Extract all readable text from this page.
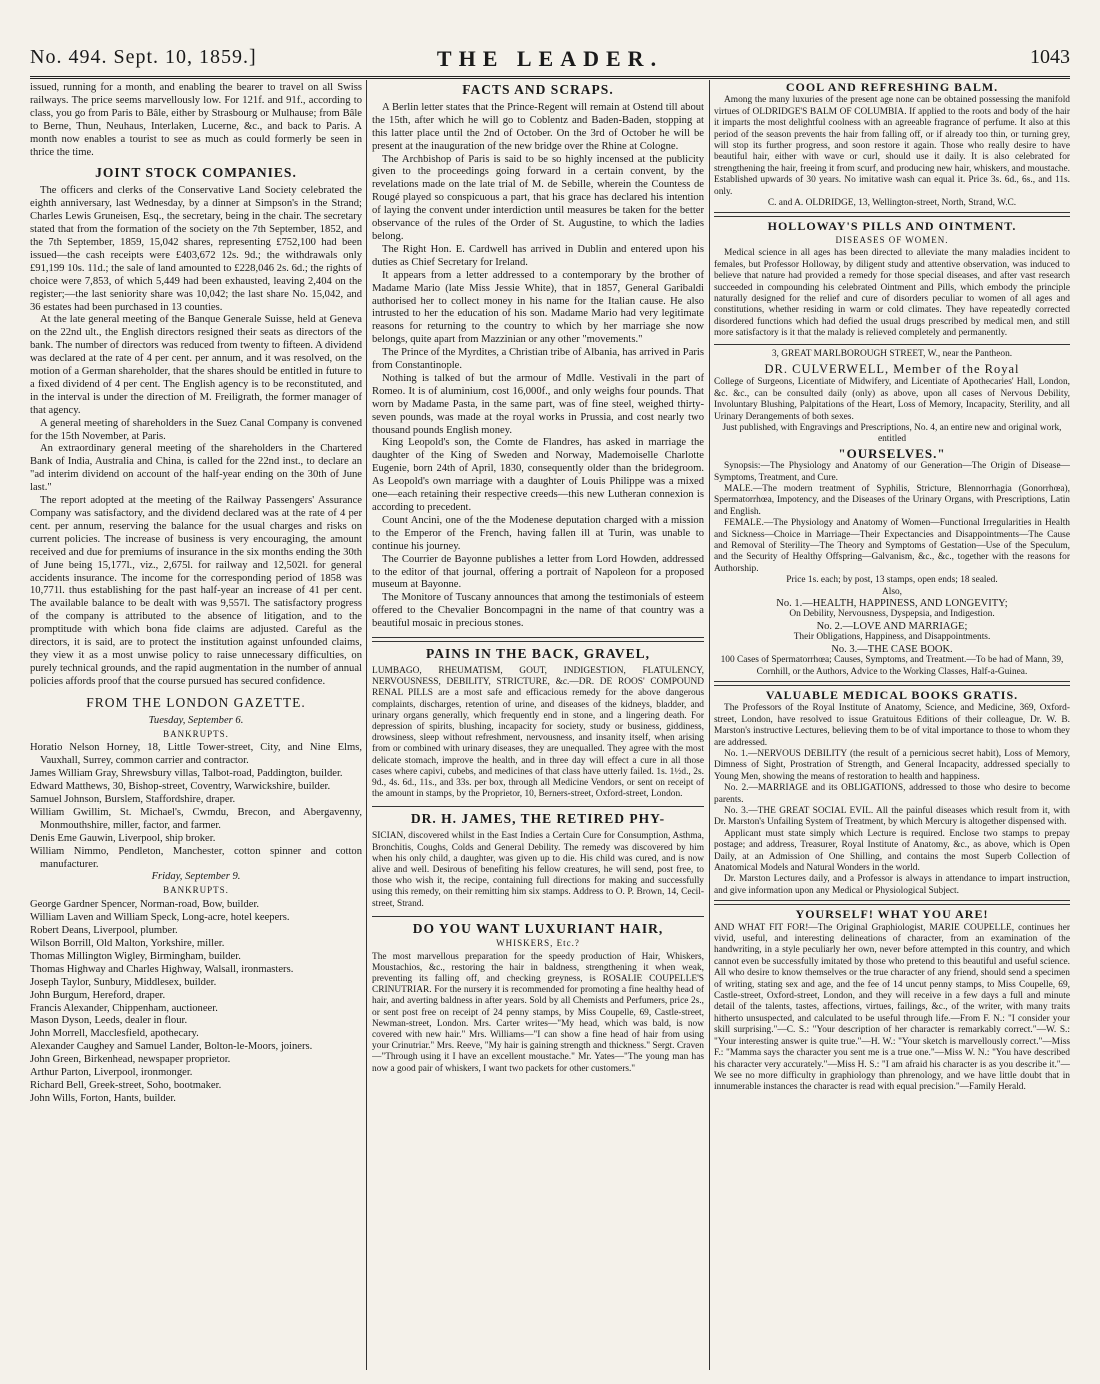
No. 494. Sept. 10, 1859.]	THE LEADER.	1043

issued, running for a month, and enabling the bearer to travel on all Swiss railways. The price seems marvellously low. For 121f. and 91f., according to class, you go from Paris to Bâle, either by Strasbourg or Mulhause; from Bâle to Berne, Thun, Neuhaus, Interlaken, Lucerne, &c., and back to Paris. A month now enables a tourist to see as much as could formerly be seen in thrice the time.

JOINT STOCK COMPANIES.

The officers and clerks of the Conservative Land Society celebrated the eighth anniversary, last Wednesday, by a dinner at Simpson's in the Strand; Charles Lewis Gruneisen, Esq., the secretary, being in the chair. The secretary stated that from the formation of the society on the 7th September, 1852, and the 7th September, 1859, 15,042 shares, representing £752,100 had been issued—the cash receipts were £403,672 12s. 9d.; the withdrawals only £91,199 10s. 11d.; the sale of land amounted to £228,046 2s. 6d.; the rights of choice were 7,853, of which 5,449 had been exhausted, leaving 2,404 on the register;—the last seniority share was 10,042; the last share No. 15,042, and 36 estates had been purchased in 13 counties.

At the late general meeting of the Banque Generale Suisse, held at Geneva on the 22nd ult., the English directors resigned their seats as directors of the bank. The number of directors was reduced from twenty to fifteen. A dividend was declared at the rate of 4 per cent. per annum, and it was resolved, on the motion of a German shareholder, that the shares should be entitled in future to a fixed dividend of 4 per cent. The English agency is to be reconstituted, and in the interval is under the direction of M. Freiligrath, the former manager of that agency.

A general meeting of shareholders in the Suez Canal Company is convened for the 15th November, at Paris.

An extraordinary general meeting of the shareholders in the Chartered Bank of India, Australia and China, is called for the 22nd inst., to declare an "ad interim dividend on account of the half-year ending on the 30th of June last."

The report adopted at the meeting of the Railway Passengers' Assurance Company was satisfactory, and the dividend declared was at the rate of 4 per cent. per annum, reserving the balance for the usual charges and risks on current policies. The increase of business is very encouraging, the amount received and due for premiums of insurance in the six months ending the 30th of June being 15,177l., viz., 2,675l. for railway and 12,502l. for general accidents insurance. The income for the corresponding period of 1858 was 10,771l. thus establishing for the past half-year an increase of 41 per cent. The available balance to be dealt with was 9,557l. The satisfactory progress of the company is attributed to the absence of litigation, and to the promptitude with which bona fide claims are adjusted. Careful as the directors, it is said, are to protect the institution against unfounded claims, they view it as a most unwise policy to raise unnecessary difficulties, on purely technical grounds, and the rapid augmentation in the number of annual policies affords proof that the course pursued has secured confidence.

FROM THE LONDON GAZETTE.
Tuesday, September 6.
BANKRUPTS.

Horatio Nelson Horney, 18, Little Tower-street, City, and Nine Elms, Vauxhall, Surrey, common carrier and contractor.

James William Gray, Shrewsbury villas, Talbot-road, Paddington, builder.

Edward Matthews, 30, Bishop-street, Coventry, Warwickshire, builder.

Samuel Johnson, Burslem, Staffordshire, draper.

William Gwillim, St. Michael's, Cwmdu, Brecon, and Abergavenny, Monmouthshire, miller, factor, and farmer.

Denis Eme Gauwin, Liverpool, ship broker.

William Nimmo, Pendleton, Manchester, cotton spinner and cotton manufacturer.

Friday, September 9.
BANKRUPTS.

George Gardner Spencer, Norman-road, Bow, builder.

William Laven and William Speck, Long-acre, hotel keepers.

Robert Deans, Liverpool, plumber.

Wilson Borrill, Old Malton, Yorkshire, miller.

Thomas Millington Wigley, Birmingham, builder.

Thomas Highway and Charles Highway, Walsall, ironmasters.

Joseph Taylor, Sunbury, Middlesex, builder.

John Burgum, Hereford, draper.

Francis Alexander, Chippenham, auctioneer.

Mason Dyson, Leeds, dealer in flour.

John Morrell, Macclesfield, apothecary.

Alexander Caughey and Samuel Lander, Bolton-le-Moors, joiners.

John Green, Birkenhead, newspaper proprietor.

Arthur Parton, Liverpool, ironmonger.

Richard Bell, Greek-street, Soho, bootmaker.

John Wills, Forton, Hants, builder.

FACTS AND SCRAPS.

A Berlin letter states that the Prince-Regent will remain at Ostend till about the 15th, after which he will go to Coblentz and Baden-Baden, stopping at this latter place until the 2nd of October. On the 3rd of October he will be present at the inauguration of the new bridge over the Rhine at Cologne.

The Archbishop of Paris is said to be so highly incensed at the publicity given to the proceedings going forward in a certain convent, by the revelations made on the late trial of M. de Sebille, wherein the Countess de Rougé played so conspicuous a part, that his grace has declared his intention of laying the convent under interdiction until measures be taken for the better observance of the rules of the Order of St. Augustine, to which the ladies belong.

The Right Hon. E. Cardwell has arrived in Dublin and entered upon his duties as Chief Secretary for Ireland.

It appears from a letter addressed to a contemporary by the brother of Madame Mario (late Miss Jessie White), that in 1857, General Garibaldi authorised her to collect money in his name for the Italian cause. He also intrusted to her the education of his son. Madame Mario had very legitimate reasons for returning to the country to which by her marriage she now belongs, quite apart from Mazzinian or any other "movements."

The Prince of the Myrdites, a Christian tribe of Albania, has arrived in Paris from Constantinople.

Nothing is talked of but the armour of Mdlle. Vestivali in the part of Romeo. It is of aluminium, cost 16,000f., and only weighs four pounds. That worn by Madame Pasta, in the same part, was of fine steel, weighed thirty-seven pounds, was made at the royal works in Prussia, and cost nearly two thousand pounds English money.

King Leopold's son, the Comte de Flandres, has asked in marriage the daughter of the King of Sweden and Norway, Mademoiselle Charlotte Eugenie, born 24th of April, 1830, consequently older than the bridegroom. As Leopold's own marriage with a daughter of Louis Philippe was a mixed one—each retaining their respective creeds—this new Lutheran connexion is according to precedent.

Count Ancini, one of the the Modenese deputation charged with a mission to the Emperor of the French, having fallen ill at Turin, was unable to continue his journey.

The Courrier de Bayonne publishes a letter from Lord Howden, addressed to the editor of that journal, offering a portrait of Napoleon for a proposed museum at Bayonne.

The Monitore of Tuscany announces that among the testimonials of esteem offered to the Chevalier Boncompagni in the name of that country was a beautiful mosaic in precious stones.

PAINS IN THE BACK, GRAVEL,

LUMBAGO, RHEUMATISM, GOUT, INDIGESTION, FLATULENCY, NERVOUSNESS, DEBILITY, STRICTURE, &c.—DR. DE ROOS' COMPOUND RENAL PILLS are a most safe and efficacious remedy for the above dangerous complaints, discharges, retention of urine, and diseases of the kidneys, bladder, and urinary organs generally, which frequently end in stone, and a lingering death. For depression of spirits, blushing, incapacity for society, study or business, giddiness, drowsiness, sleep without refreshment, nervousness, and insanity itself, when arising from or combined with urinary diseases, they are unequalled. They agree with the most delicate stomach, improve the health, and in three day will effect a cure in all those cases where capivi, cubebs, and medicines of that class have utterly failed. 1s. 1½d., 2s. 9d., 4s. 6d., 11s., and 33s. per box, through all Medicine Vendors, or sent on receipt of the amount in stamps, by the Proprietor, 10, Berners-street, Oxford-street, London.

DR. H. JAMES, THE RETIRED PHY-

SICIAN, discovered whilst in the East Indies a Certain Cure for Consumption, Asthma, Bronchitis, Coughs, Colds and General Debility. The remedy was discovered by him when his only child, a daughter, was given up to die. His child was cured, and is now alive and well. Desirous of benefiting his fellow creatures, he will send, post free, to those who wish it, the recipe, containing full directions for making and successfully using this remedy, on their remitting him six stamps. Address to O. P. Brown, 14, Cecil-street, Strand.

DO YOU WANT LUXURIANT HAIR,
WHISKERS, Etc.?

The most marvellous preparation for the speedy production of Hair, Whiskers, Moustachios, &c., restoring the hair in baldness, strengthening it when weak, preventing its falling off, and checking greyness, is ROSALIE COUPELLE'S CRINUTRIAR. For the nursery it is recommended for promoting a fine healthy head of hair, and averting baldness in after years. Sold by all Chemists and Perfumers, price 2s., or sent post free on receipt of 24 penny stamps, by Miss Coupelle, 69, Castle-street, Newman-street, London. Mrs. Carter writes—"My head, which was bald, is now covered with new hair." Mrs. Williams—"I can show a fine head of hair from using your Crinutriar." Mrs. Reeve, "My hair is gaining strength and thickness." Sergt. Craven—"Through using it I have an excellent moustache." Mr. Yates—"The young man has now a good pair of whiskers, I want two packets for other customers."

COOL AND REFRESHING BALM.

Among the many luxuries of the present age none can be obtained possessing the manifold virtues of OLDRIDGE'S BALM OF COLUMBIA. If applied to the roots and body of the hair it imparts the most delightful coolness with an agreeable fragrance of perfume. It also at this period of the season prevents the hair from falling off, or if already too thin, or turning grey, will stop its further progress, and soon restore it again. Those who really desire to have beautiful hair, either with wave or curl, should use it daily. It is also celebrated for strengthening the hair, freeing it from scurf, and producing new hair, whiskers, and moustache. Established upwards of 30 years. No imitative wash can equal it. Price 3s. 6d., 6s., and 11s. only.

C. and A. OLDRIDGE, 13, Wellington-street, North, Strand, W.C.

HOLLOWAY'S PILLS AND OINTMENT.
DISEASES OF WOMEN.

Medical science in all ages has been directed to alleviate the many maladies incident to females, but Professor Holloway, by diligent study and attentive observation, was induced to believe that nature had provided a remedy for those special diseases, and after vast research succeeded in compounding his celebrated Ointment and Pills, which embody the principle naturally designed for the relief and cure of disorders peculiar to women of all ages and constitutions, whether residing in warm or cold climates. They have repeatedly corrected disordered functions which had defied the usual drugs prescribed by medical men, and still more satisfactory is it that the malady is relieved completely and permanently.

3, GREAT MARLBOROUGH STREET, W., near the Pantheon.

DR. CULVERWELL, Member of the Royal

College of Surgeons, Licentiate of Midwifery, and Licentiate of Apothecaries' Hall, London, &c. &c., can be consulted daily (only) as above, upon all cases of Nervous Debility, Involuntary Blushing, Palpitations of the Heart, Loss of Memory, Incapacity, Sterility, and all Urinary Derangements of both sexes.

Just published, with Engravings and Prescriptions, No. 4, an entire new and original work, entitled

"OURSELVES."

Synopsis:—The Physiology and Anatomy of our Generation—The Origin of Disease—Symptoms, Treatment, and Cure.

MALE.—The modern treatment of Syphilis, Stricture, Blennorrhagia (Gonorrhœa), Spermatorrhœa, Impotency, and the Diseases of the Urinary Organs, with Prescriptions, Latin and English.

FEMALE.—The Physiology and Anatomy of Women—Functional Irregularities in Health and Sickness—Choice in Marriage—Their Expectancies and Disappointments—The Cause and Removal of Sterility—The Theory and Symptoms of Gestation—Use of the Speculum, and the Security of Healthy Offspring—Galvanism, &c., &c., together with the reasons for Authorship.

Price 1s. each; by post, 13 stamps, open ends; 18 sealed.

Also,

No. 1.—HEALTH, HAPPINESS, AND LONGEVITY;

On Debility, Nervousness, Dyspepsia, and Indigestion.

No. 2.—LOVE AND MARRIAGE;

Their Obligations, Happiness, and Disappointments.

No. 3.—THE CASE BOOK.

100 Cases of Spermatorrhœa; Causes, Symptoms, and Treatment.—To be had of Mann, 39, Cornhill, or the Authors, Advice to the Working Classes, Half-a-Guinea.

VALUABLE MEDICAL BOOKS GRATIS.

The Professors of the Royal Institute of Anatomy, Science, and Medicine, 369, Oxford-street, London, have resolved to issue Gratuitous Editions of their colleague, Dr. W. B. Marston's instructive Lectures, believing them to be of vital importance to those to whom they are addressed.

No. 1.—NERVOUS DEBILITY (the result of a pernicious secret habit), Loss of Memory, Dimness of Sight, Prostration of Strength, and General Incapacity, addressed specially to Young Men, showing the means of restoration to health and happiness.

No. 2.—MARRIAGE and its OBLIGATIONS, addressed to those who desire to become parents.

No. 3.—THE GREAT SOCIAL EVIL. All the painful diseases which result from it, with Dr. Marston's Unfailing System of Treatment, by which Mercury is altogether dispensed with.

Applicant must state simply which Lecture is required. Enclose two stamps to prepay postage; and address, Treasurer, Royal Institute of Anatomy, &c., as above, which is Open Daily, at an Admission of One Shilling, and contains the most Superb Collection of Anatomical Models and Natural Wonders in the world.

Dr. Marston Lectures daily, and a Professor is always in attendance to impart instruction, and give information upon any Medical or Physiological Subject.

YOURSELF! WHAT YOU ARE!

AND WHAT FIT FOR!—The Original Graphiologist, MARIE COUPELLE, continues her vivid, useful, and interesting delineations of character, from an examination of the handwriting, in a style peculiarly her own, never before attempted in this country, and which cannot even be successfully imitated by those who pretend to this beautiful and useful science. All who desire to know themselves or the true character of any friend, should send a specimen of writing, stating sex and age, and the fee of 14 uncut penny stamps, to Miss Coupelle, 69, Castle-street, Oxford-street, London, and they will receive in a few days a full and minute detail of the talents, tastes, affections, virtues, failings, &c., of the writer, with many traits hitherto unsuspected, and calculated to be useful through life.—From F. N.: "I consider your skill surprising."—C. S.: "Your description of her character is remarkably correct."—W. S.: "Your interesting answer is quite true."—H. W.: "Your sketch is marvellously correct."—Miss F.: "Mamma says the character you sent me is a true one."—Miss W. N.: "You have described his character very accurately."—Miss H. S.: "I am afraid his character is as you describe it."—We see no more difficulty in graphiology than phrenology, and we have little doubt that in innumerable instances the character is read with equal precision."—Family Herald.
